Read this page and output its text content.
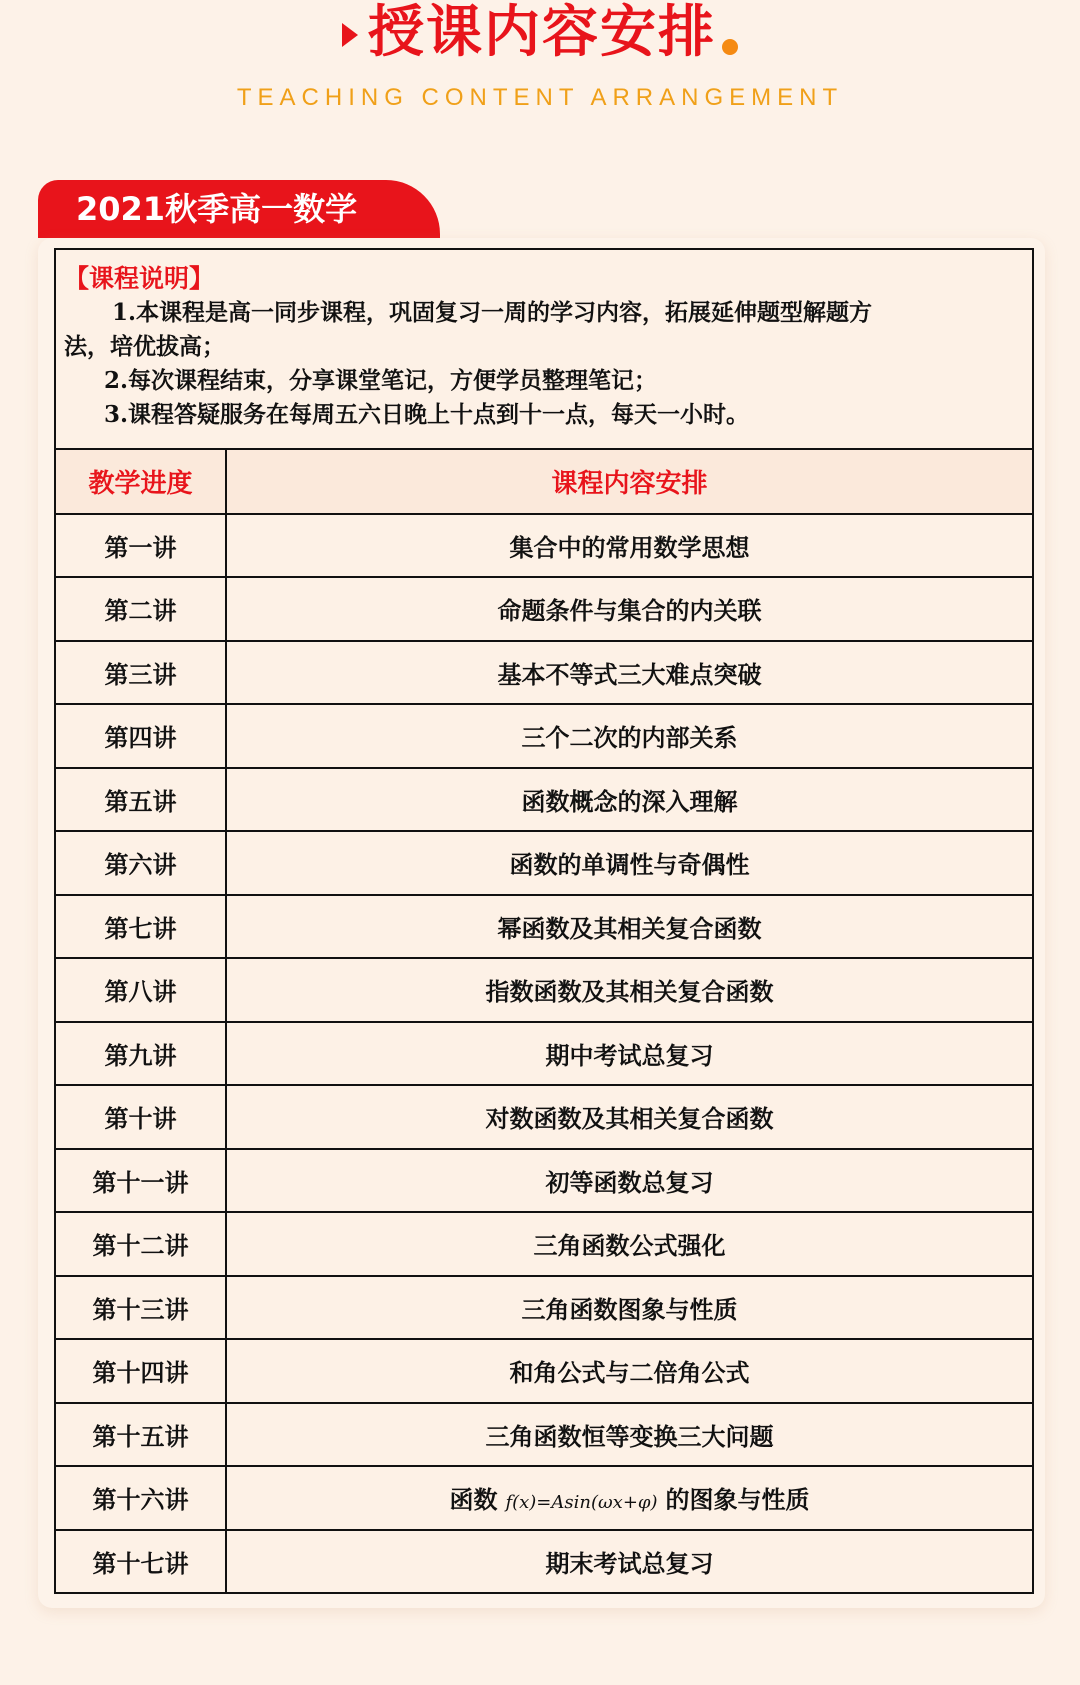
授课内容安排
TEACHING CONTENT ARRANGEMENT
2021秋季高一数学

【课程说明】

1.本课程是高一同步课程，巩固复习一周的学习内容，拓展延伸题型解题方

法，培优拔高；

2.每次课程结束，分享课堂笔记，方便学员整理笔记；

3.课程答疑服务在每周五六日晚上十点到十一点，每天一小时。

教学进度	课程内容安排
第一讲	集合中的常用数学思想
第二讲	命题条件与集合的内关联
第三讲	基本不等式三大难点突破
第四讲	三个二次的内部关系
第五讲	函数概念的深入理解
第六讲	函数的单调性与奇偶性
第七讲	幂函数及其相关复合函数
第八讲	指数函数及其相关复合函数
第九讲	期中考试总复习
第十讲	对数函数及其相关复合函数
第十一讲	初等函数总复习
第十二讲	三角函数公式强化
第十三讲	三角函数图象与性质
第十四讲	和角公式与二倍角公式
第十五讲	三角函数恒等变换三大问题
第十六讲	函数 f(x)=Asin(ωx+φ) 的图象与性质
第十七讲	期末考试总复习
